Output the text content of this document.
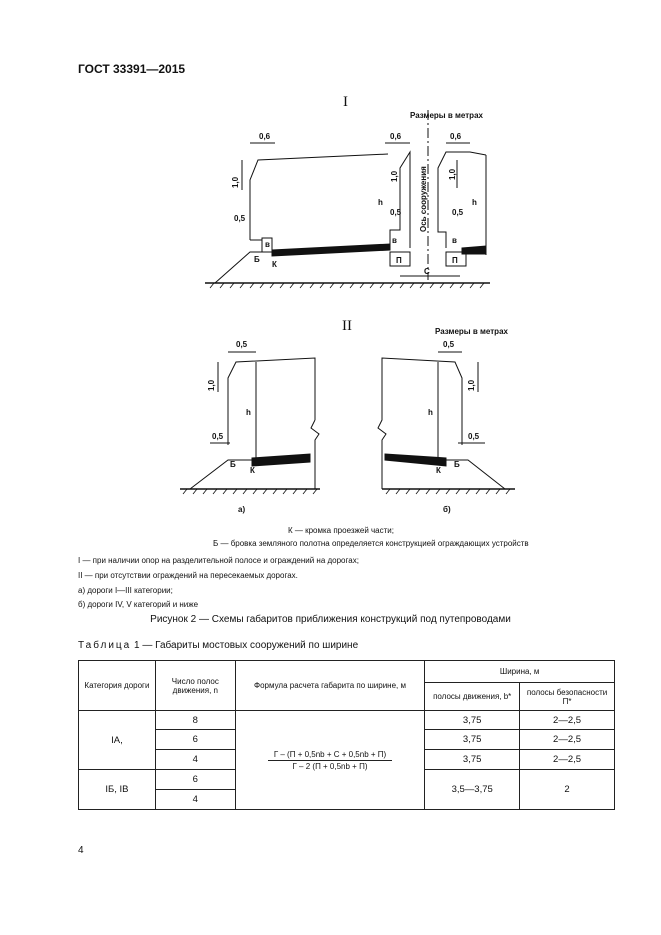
ГОСТ 33391—2015
I
Размеры в метрах
Ось сооружения
0,6	0,6	0,6
1,0
1,0	1,0
0,5
0,5	0,5
h	h
в	в	в
Б
К	П	П
С
II	Размеры в метрах
0,5
1,0
0,5
h
Б
К
а)
0,5
1,0
0,5
h
Б
К
б)
К — кромка проезжей части;
Б — бровка земляного полотна определяется конструкцией ограждающих устройств
I — при наличии опор на разделительной полосе и ограждений на дорогах;
II — при отсутствии ограждений на пересекаемых дорогах.
а) дороги I—III категории;
б) дороги IV, V категорий и ниже
Рисунок 2 — Схемы габаритов приближения конструкций под путепроводами
Таблица 1 — Габариты мостовых сооружений по ширине
Категория дороги	Число полос движения, n	Формула расчета габарита по ширине, м	Ширина, м	
			полосы движения, b*	полосы безопасности П*
IA,	8	$\frac{Г - (П + 0,5nb + С + 0,5nb + П)}{Г - 2 (П + 0,5nb + П)}$	3,75	2—2,5
	6		3,75	2—2,5
	4		3,75	2—2,5
IБ, IB	6		3,5—3,75	2
	4			
4
